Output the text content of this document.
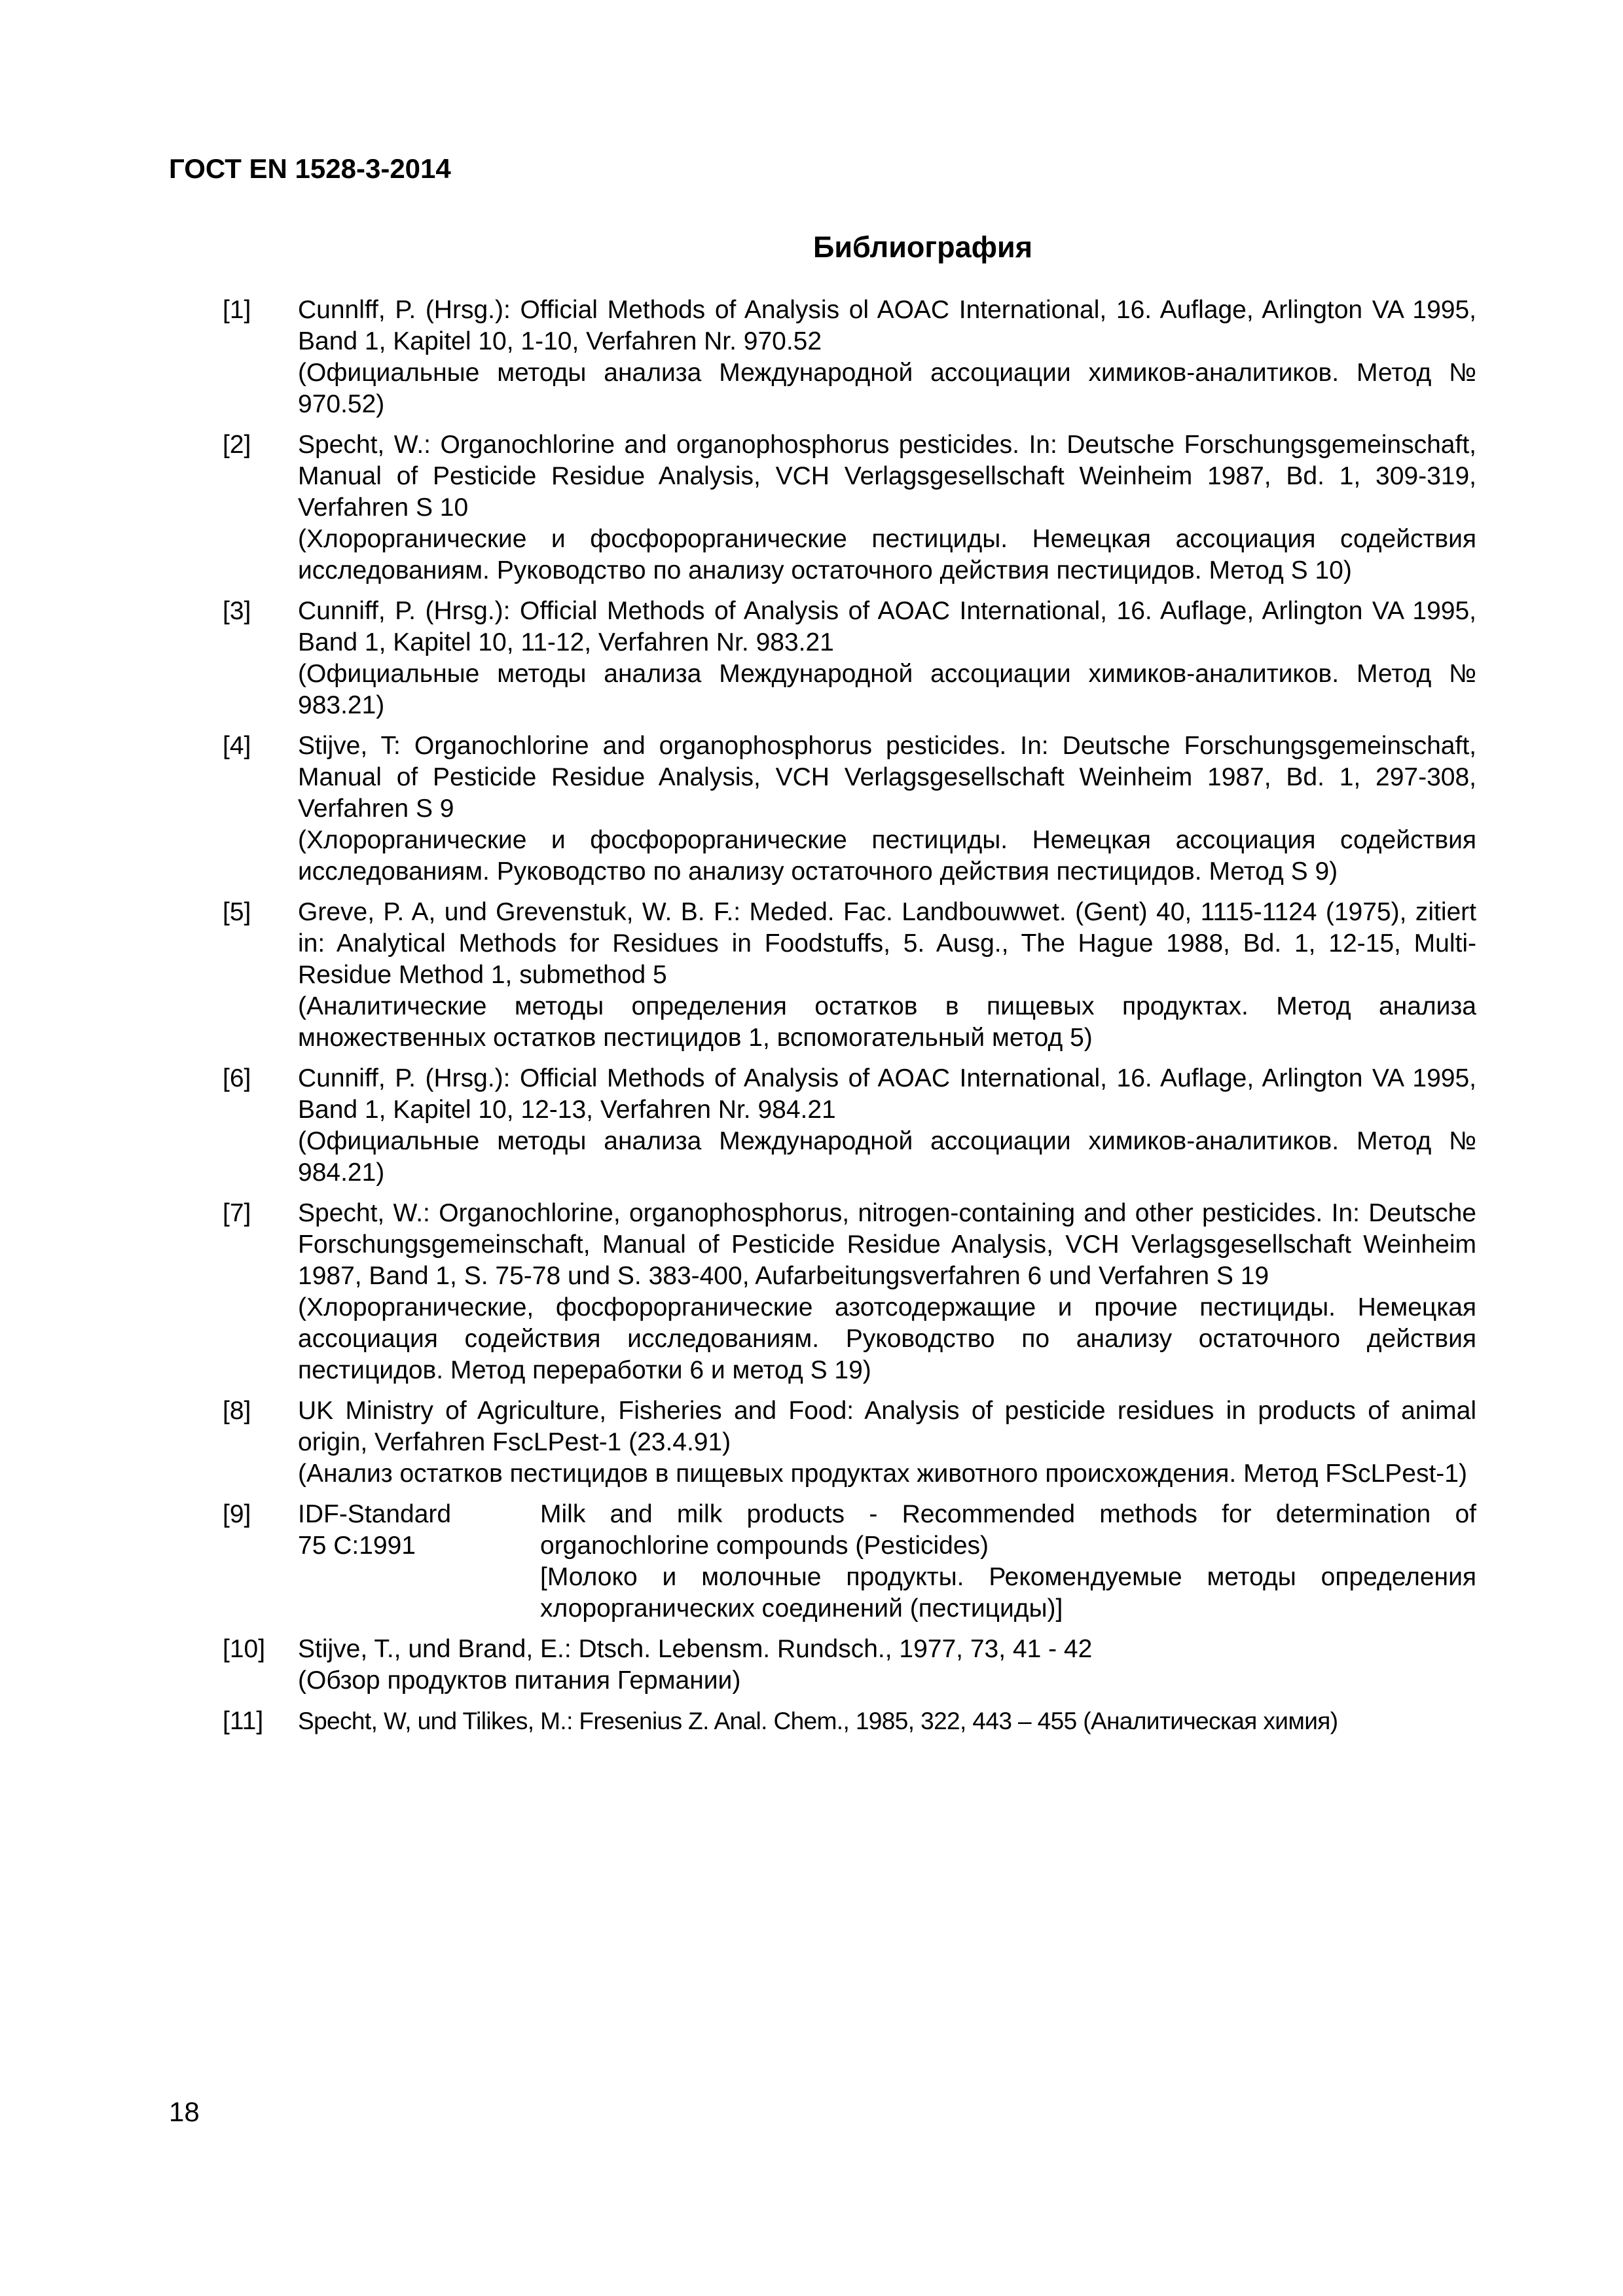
ГОСТ EN 1528-3-2014
Библиография
[1] Cunnlff, P. (Hrsg.): Official Methods of Analysis ol AOAC International, 16. Auflage, Arlington VA 1995, Band 1, Kapitel 10, 1-10, Verfahren Nr. 970.52
(Официальные методы анализа Международной ассоциации химиков-аналитиков. Метод № 970.52)
[2] Specht, W.: Organochlorine and organophosphorus pesticides. In: Deutsche Forschungsgemeinschaft, Manual of Pesticide Residue Analysis, VCH Verlagsgesellschaft Weinheim 1987, Bd. 1, 309-319, Verfahren S 10
(Хлорорганические и фосфорорганические пестициды. Немецкая ассоциация содействия исследованиям. Руководство по анализу остаточного действия пестицидов. Метод S 10)
[3] Cunniff, P. (Hrsg.): Official Methods of Analysis of AOAC International, 16. Auflage, Arlington VA 1995, Band 1, Kapitel 10, 11-12, Verfahren Nr. 983.21
(Официальные методы анализа Международной ассоциации химиков-аналитиков. Метод № 983.21)
[4] Stijve, T: Organochlorine and organophosphorus pesticides. In: Deutsche Forschungsgemeinschaft, Manual of Pesticide Residue Analysis, VCH Verlagsgesellschaft Weinheim 1987, Bd. 1, 297-308, Verfahren S 9
(Хлорорганические и фосфорорганические пестициды. Немецкая ассоциация содействия исследованиям. Руководство по анализу остаточного действия пестицидов. Метод S 9)
[5] Greve, P. A, und Grevenstuk, W. B. F.: Meded. Fac. Landbouwwet. (Gent) 40, 1115-1124 (1975), zitiert in: Analytical Methods for Residues in Foodstuffs, 5. Ausg., The Hague 1988, Bd. 1, 12-15, Multi-Residue Method 1, submethod 5
(Аналитические методы определения остатков в пищевых продуктах. Метод анализа множественных остатков пестицидов 1, вспомогательный метод 5)
[6] Cunniff, P. (Hrsg.): Official Methods of Analysis of AOAC International, 16. Auflage, Arlington VA 1995, Band 1, Kapitel 10, 12-13, Verfahren Nr. 984.21
(Официальные методы анализа Международной ассоциации химиков-аналитиков. Метод № 984.21)
[7] Specht, W.: Organochlorine, organophosphorus, nitrogen-containing and other pesticides. In: Deutsche Forschungsgemeinschaft, Manual of Pesticide Residue Analysis, VCH Verlagsgesellschaft Weinheim 1987, Band 1, S. 75-78 und S. 383-400, Aufarbeitungsverfahren 6 und Verfahren S 19
(Хлорорганические, фосфорорганические азотсодержащие и прочие пестициды. Немецкая ассоциация содействия исследованиям. Руководство по анализу остаточного действия пестицидов. Метод переработки 6 и метод S 19)
[8] UK Ministry of Agriculture, Fisheries and Food: Analysis of pesticide residues in products of animal origin, Verfahren FscLPest-1 (23.4.91)
(Анализ остатков пестицидов в пищевых продуктах животного происхождения. Метод FScLPest-1)
[9] IDF-Standard
75 C:1991
Milk and milk products - Recommended methods for determination of organochlorine compounds (Pesticides)
[Молоко и молочные продукты. Рекомендуемые методы определения хлорорганических соединений (пестициды)]
[10] Stijve, T., und Brand, E.: Dtsch. Lebensm. Rundsch., 1977, 73, 41 - 42
(Обзор продуктов питания Германии)
[11] Specht, W, und Tilikes, M.: Fresenius Z. Anal. Chem., 1985, 322, 443 – 455 (Аналитическая химия)
18
